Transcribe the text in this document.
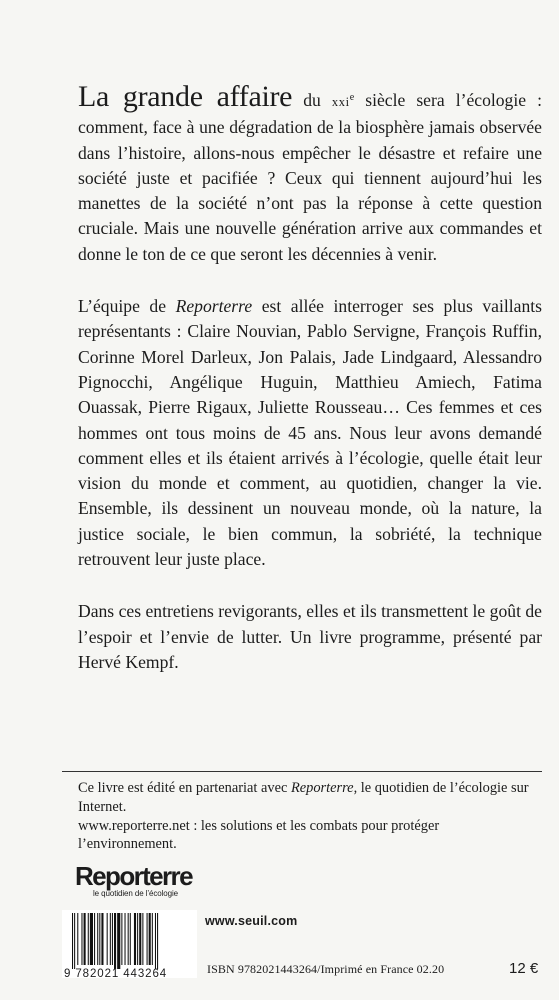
La grande affaire du xxi$^e$ siècle sera l’écologie : comment, face à une dégradation de la biosphère jamais observée dans l’histoire, allons-nous empêcher le désastre et refaire une société juste et pacifiée ? Ceux qui tiennent aujourd’hui les manettes de la société n’ont pas la réponse à cette question cruciale. Mais une nouvelle génération arrive aux commandes et donne le ton de ce que seront les décennies à venir.

L’équipe de Reporterre est allée interroger ses plus vaillants représentants : Claire Nouvian, Pablo Servigne, François Ruffin, Corinne Morel Darleux, Jon Palais, Jade Lindgaard, Alessandro Pignocchi, Angélique Huguin, Matthieu Amiech, Fatima Ouassak, Pierre Rigaux, Juliette Rousseau… Ces femmes et ces hommes ont tous moins de 45 ans. Nous leur avons demandé comment elles et ils étaient arrivés à l’écologie, quelle était leur vision du monde et comment, au quotidien, changer la vie. Ensemble, ils dessinent un nouveau monde, où la nature, la justice sociale, le bien commun, la sobriété, la technique retrouvent leur juste place.

Dans ces entretiens revigorants, elles et ils transmettent le goût de l’espoir et l’envie de lutter. Un livre programme, présenté par Hervé Kempf.

Ce livre est édité en partenariat avec Reporterre, le quotidien de l’écologie sur Internet.

www.reporterre.net : les solutions et les combats pour protéger l’environnement.

Reporterre
le quotidien de l’écologie
www.seuil.com
9 782021 443264	ISBN 9782021443264/Imprimé en France 02.20	12 €
